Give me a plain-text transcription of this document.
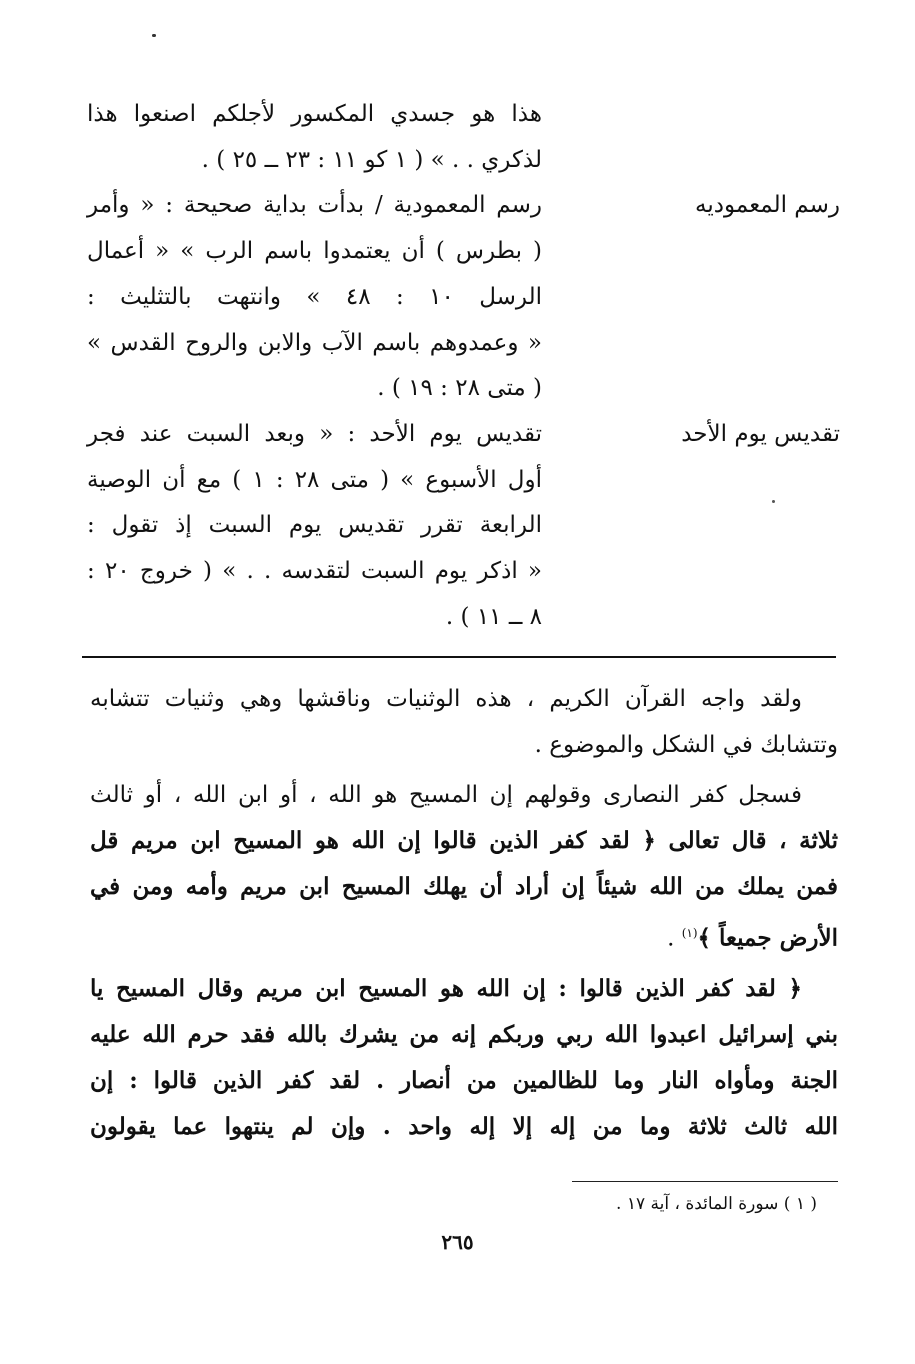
هذا هو جسدي المكسور لأجلكم اصنعوا هذا
لذكري . . » ( ١ كو ١١ : ٢٣ ــ ٢٥ ) .
رسم المعموديه
رسم المعمودية / بدأت بداية صحيحة : « وأمر
( بطرس ) أن يعتمدوا باسم الرب » « أعمال
الرسل ١٠ : ٤٨ » وانتهت بالتثليث :
« وعمدوهم باسم الآب والابن والروح القدس »
( متى ٢٨ : ١٩ ) .
تقديس يوم الأحد
تقديس يوم الأحد : « وبعد السبت عند فجر
أول الأسبوع » ( متى ٢٨ : ١ ) مع أن الوصية
الرابعة تقرر تقديس يوم السبت إذ تقول :
« اذكر يوم السبت لتقدسه . . » ( خروج ٢٠ :
٨ ــ ١١ ) .

ولقد واجه القرآن الكريم ، هذه الوثنيات وناقشها وهي وثنيات تتشابه
وتتشابك في الشكل والموضوع .

فسجل كفر النصارى وقولهم إن المسيح هو الله ، أو ابن الله ، أو ثالث
ثلاثة ، قال تعالى ﴿ لقد كفر الذين قالوا إن الله هو المسيح ابن مريم قل
فمن يملك من الله شيئاً إن أراد أن يهلك المسيح ابن مريم وأمه ومن في
الأرض جميعاً ﴾$^{(١)}$ .

﴿ لقد كفر الذين قالوا : إن الله هو المسيح ابن مريم وقال المسيح يا
بني إسرائيل اعبدوا الله ربي وربكم إنه من يشرك بالله فقد حرم الله عليه
الجنة ومأواه النار وما للظالمين من أنصار . لقد كفر الذين قالوا : إن
الله ثالث ثلاثة وما من إله إلا إله واحد . وإن لم ينتهوا عما يقولون

( ١ ) سورة المائدة ، آية ١٧ .
٢٦٥
